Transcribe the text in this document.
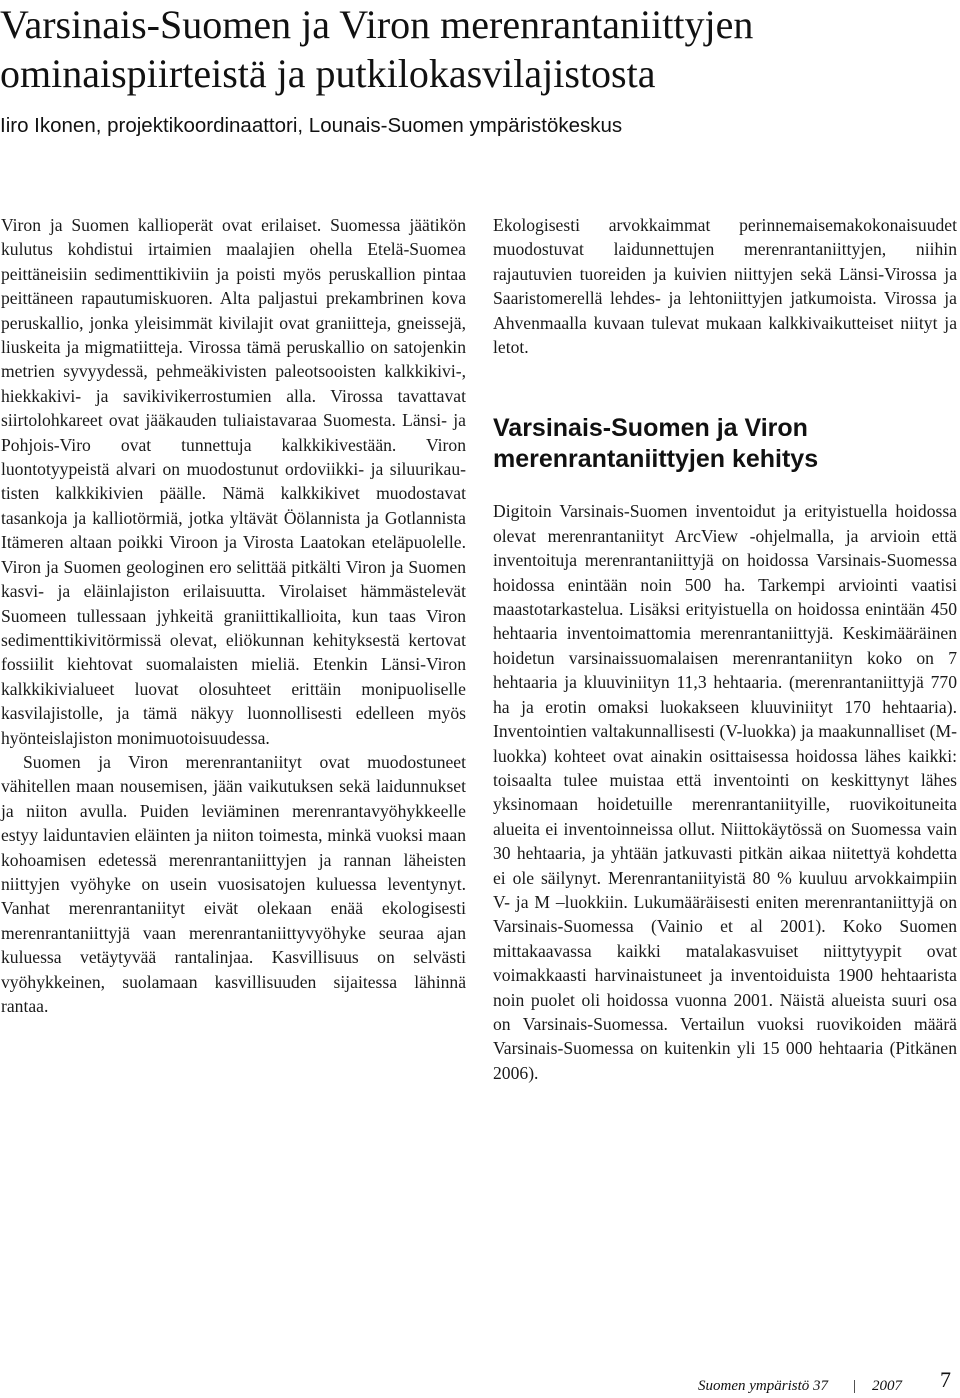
Varsinais-Suomen ja Viron merenrantaniittyjen ominaispiirteistä ja putkilokasvilajistosta

Iiro Ikonen, projektikoordinaattori, Lounais-Suomen ympäristökeskus

Viron ja Suomen kallioperät ovat erilaiset. Suomessa jäätikön kulutus kohdistui irtaimien maalajien ohella Etelä-Suomea peittäneisiin sedimenttikiviin ja poisti myös peruskallion pintaa peittäneen rapautumiskuoren. Alta paljastui prekambrinen kova peruskallio, jonka yleisimmät kivilajit ovat graniitteja, gneissejä, liuskeita ja migmatiitteja. Virossa tämä peruskallio on satojenkin metrien syvyydessä, pehmeäkivisten paleotsooisten kalkkikivi-, hiekkakivi- ja savikivikerrostumien alla. Virossa tavattavat siirtolohkareet ovat jääkauden tuliaistavaraa Suomesta. Länsi- ja Pohjois-Viro ovat tunnettuja kalkkikivestään. Viron luontotyypeistä alvari on muodostunut ordoviikki- ja siluurikautisten kalkkikivien päälle. Nämä kalkkikivet muodostavat tasankoja ja kalliotörmiä, jotka yltävät Öölannista ja Gotlannista Itämeren altaan poikki Viroon ja Virosta Laatokan eteläpuolelle. Viron ja Suomen geologinen ero selittää pitkälti Viron ja Suomen kasvi- ja eläinlajiston erilaisuutta. Virolaiset hämmästelevät Suomeen tullessaan jyhkeitä graniittikallioita, kun taas Viron sedimenttikivitörmissä olevat, eliökunnan kehityksestä kertovat fossiilit kiehtovat suomalaisten mieliä. Etenkin Länsi-Viron kalkkikivialueet luovat olosuhteet erittäin monipuoliselle kasvilajistolle, ja tämä näkyy luonnollisesti edelleen myös hyönteislajiston monimuotoisuudessa.

Suomen ja Viron merenrantaniityt ovat muodostuneet vähitellen maan nousemisen, jään vaikutuksen sekä laidunnukset ja niiton avulla. Puiden leviäminen merenrantavyöhykkeelle estyy laiduntavien eläinten ja niiton toimesta, minkä vuoksi maan kohoamisen edetessä merenrantaniittyjen ja rannan läheisten niittyjen vyöhyke on usein vuosisatojen kuluessa leventynyt. Vanhat merenrantaniityt eivät olekaan enää ekologisesti merenrantaniittyjä vaan merenrantaniittyvyöhyke seuraa ajan kuluessa vetäytyvää rantalinjaa. Kasvillisuus on selvästi vyöhykkeinen, suolamaan kasvillisuuden sijaitessa lähinnä rantaa.

Ekologisesti arvokkaimmat perinnemaisemakokonaisuudet muodostuvat laidunnettujen merenrantaniittyjen, niihin rajautuvien tuoreiden ja kuivien niittyjen sekä Länsi-Virossa ja Saaristomerellä lehdes- ja lehtoniittyjen jatkumoista. Virossa ja Ahvenmaalla kuvaan tulevat mukaan kalkkivaikutteiset niityt ja letot.

Varsinais-Suomen ja Viron merenrantaniittyjen kehitys

Digitoin Varsinais-Suomen inventoidut ja erityistuella hoidossa olevat merenrantaniityt ArcView -ohjelmalla, ja arvioin että inventoituja merenrantaniittyjä on hoidossa Varsinais-Suomessa hoidossa enintään noin 500 ha. Tarkempi arviointi vaatisi maastotarkastelua. Lisäksi erityistuella on hoidossa enintään 450 hehtaaria inventoimattomia merenrantaniittyjä. Keskimääräinen hoidetun varsinaissuomalaisen merenrantaniityn koko on 7 hehtaaria ja kluuviniityn 11,3 hehtaaria. (merenrantaniittyjä 770 ha ja erotin omaksi luokakseen kluuviniityt 170 hehtaaria). Inventointien valtakunnallisesti (V-luokka) ja maakunnalliset (M-luokka) kohteet ovat ainakin osittaisessa hoidossa lähes kaikki: toisaalta tulee muistaa että inventointi on keskittynyt lähes yksinomaan hoidetuille merenrantaniityille, ruovikoituneita alueita ei inventoinneissa ollut. Niittokäytössä on Suomessa vain 30 hehtaaria, ja yhtään jatkuvasti pitkän aikaa niitettyä kohdetta ei ole säilynyt. Merenrantaniityistä 80 % kuuluu arvokkaimpiin V- ja M –luokkiin. Lukumääräisesti eniten merenrantaniittyjä on Varsinais-Suomessa (Vainio et al 2001). Koko Suomen mittakaavassa kaikki matalakasvuiset niittytyypit ovat voimakkaasti harvinaistuneet ja inventoiduista 1900 hehtaarista noin puolet oli hoidossa vuonna 2001. Näistä alueista suuri osa on Varsinais-Suomessa. Vertailun vuoksi ruovikoiden määrä Varsinais-Suomessa on kuitenkin yli 15 000 hehtaaria (Pitkänen 2006).

Suomen ympäristö 37 | 2007 7
